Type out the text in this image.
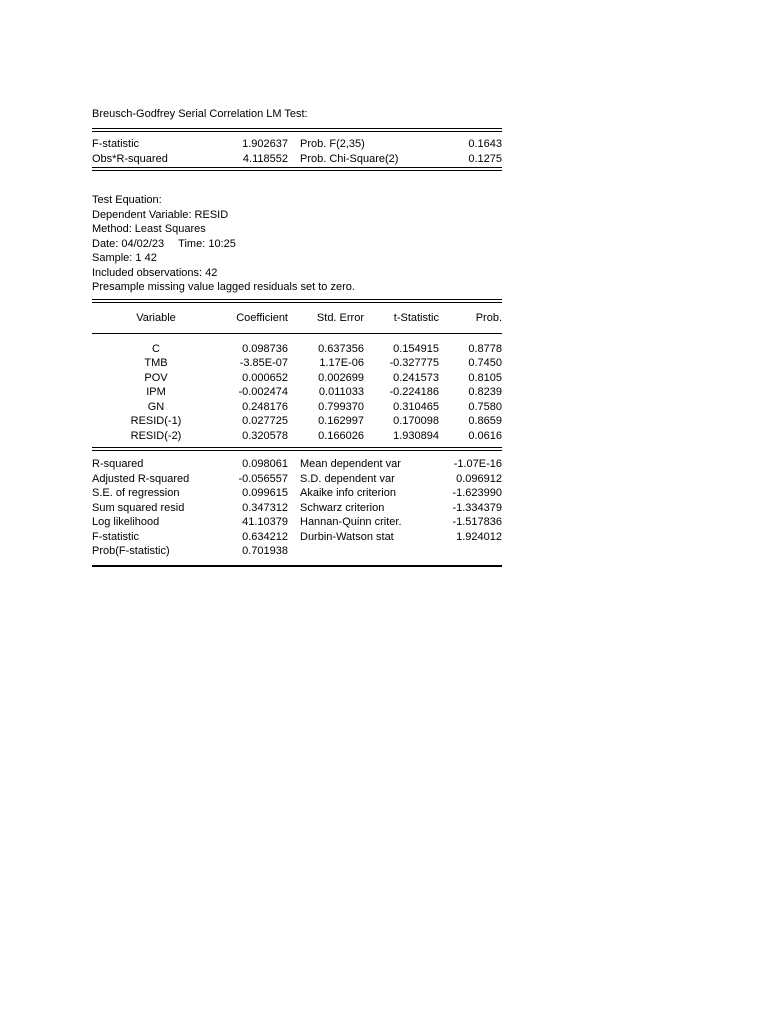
Breusch-Godfrey Serial Correlation LM Test:
F-statistic	1.902637 Prob. F(2,35)	0.1643
Obs*R-squared	4.118552 Prob. Chi-Square(2)	0.1275
Test Equation:
Dependent Variable: RESID
Method: Least Squares
Date: 04/02/23 Time: 10:25
Sample: 1 42
Included observations: 42
Presample missing value lagged residuals set to zero.
Variable	Coefficient	Std. Error	t-Statistic	Prob.
C	0.098736	0.637356	0.154915	0.8778
TMB	-3.85E-07	1.17E-06	-0.327775	0.7450
POV	0.000652	0.002699	0.241573	0.8105
IPM	-0.002474	0.011033	-0.224186	0.8239
GN	0.248176	0.799370	0.310465	0.7580
RESID(-1)	0.027725	0.162997	0.170098	0.8659
RESID(-2)	0.320578	0.166026	1.930894	0.0616
R-squared	0.098061 Mean dependent var	-1.07E-16
Adjusted R-squared	-0.056557 S.D. dependent var	0.096912
S.E. of regression	0.099615 Akaike info criterion	-1.623990
Sum squared resid	0.347312 Schwarz criterion	-1.334379
Log likelihood	41.10379 Hannan-Quinn criter.	-1.517836
F-statistic	0.634212 Durbin-Watson stat	1.924012
Prob(F-statistic)	0.701938
